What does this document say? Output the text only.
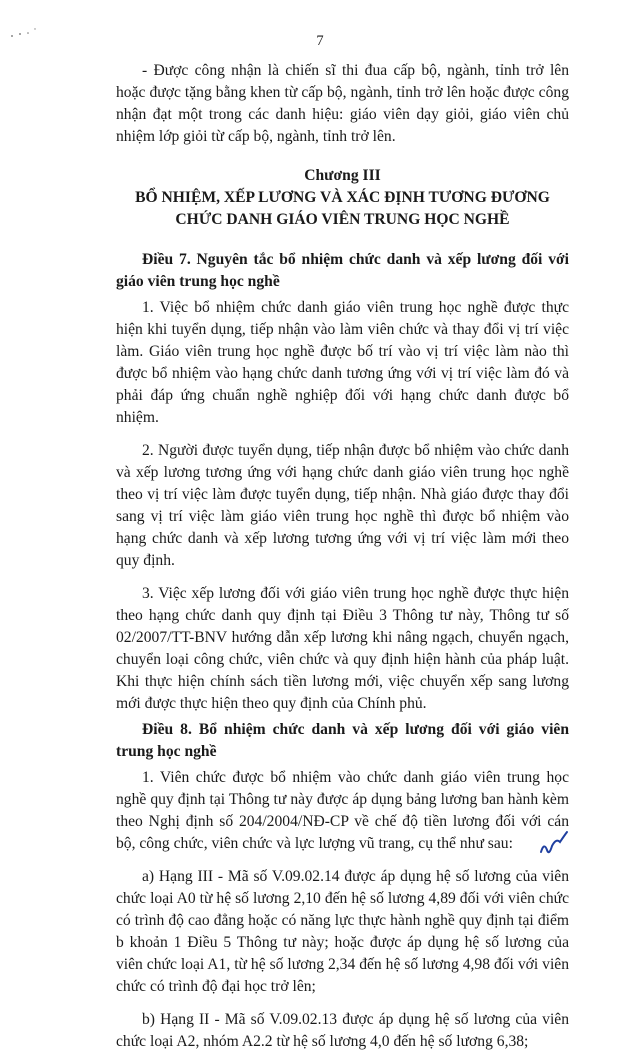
7

- Được công nhận là chiến sĩ thi đua cấp bộ, ngành, tỉnh trở lên hoặc được tặng bằng khen từ cấp bộ, ngành, tỉnh trở lên hoặc được công nhận đạt một trong các danh hiệu: giáo viên dạy giỏi, giáo viên chủ nhiệm lớp giỏi từ cấp bộ, ngành, tỉnh trở lên.

Chương III

BỔ NHIỆM, XẾP LƯƠNG VÀ XÁC ĐỊNH TƯƠNG ĐƯƠNG

CHỨC DANH GIÁO VIÊN TRUNG HỌC NGHỀ

Điều 7. Nguyên tắc bổ nhiệm chức danh và xếp lương đối với giáo viên trung học nghề

1. Việc bổ nhiệm chức danh giáo viên trung học nghề được thực hiện khi tuyển dụng, tiếp nhận vào làm viên chức và thay đổi vị trí việc làm. Giáo viên trung học nghề được bố trí vào vị trí việc làm nào thì được bổ nhiệm vào hạng chức danh tương ứng với vị trí việc làm đó và phải đáp ứng chuẩn nghề nghiệp đối với hạng chức danh được bổ nhiệm.

2. Người được tuyển dụng, tiếp nhận được bổ nhiệm vào chức danh và xếp lương tương ứng với hạng chức danh giáo viên trung học nghề theo vị trí việc làm được tuyển dụng, tiếp nhận. Nhà giáo được thay đổi sang vị trí việc làm giáo viên trung học nghề thì được bổ nhiệm vào hạng chức danh và xếp lương tương ứng với vị trí việc làm mới theo quy định.

3. Việc xếp lương đối với giáo viên trung học nghề được thực hiện theo hạng chức danh quy định tại Điều 3 Thông tư này, Thông tư số 02/2007/TT-BNV hướng dẫn xếp lương khi nâng ngạch, chuyển ngạch, chuyển loại công chức, viên chức và quy định hiện hành của pháp luật. Khi thực hiện chính sách tiền lương mới, việc chuyển xếp sang lương mới được thực hiện theo quy định của Chính phủ.

Điều 8. Bổ nhiệm chức danh và xếp lương đối với giáo viên trung học nghề

1. Viên chức được bổ nhiệm vào chức danh giáo viên trung học nghề quy định tại Thông tư này được áp dụng bảng lương ban hành kèm theo Nghị định số 204/2004/NĐ-CP về chế độ tiền lương đối với cán bộ, công chức, viên chức và lực lượng vũ trang, cụ thể như sau:

a) Hạng III - Mã số V.09.02.14 được áp dụng hệ số lương của viên chức loại A0 từ hệ số lương 2,10 đến hệ số lương 4,89 đối với viên chức có trình độ cao đẳng hoặc có năng lực thực hành nghề quy định tại điểm b khoản 1 Điều 5 Thông tư này; hoặc được áp dụng hệ số lương của viên chức loại A1, từ hệ số lương 2,34 đến hệ số lương 4,98 đối với viên chức có trình độ đại học trở lên;

b) Hạng II - Mã số V.09.02.13 được áp dụng hệ số lương của viên chức loại A2, nhóm A2.2 từ hệ số lương 4,0 đến hệ số lương 6,38;
